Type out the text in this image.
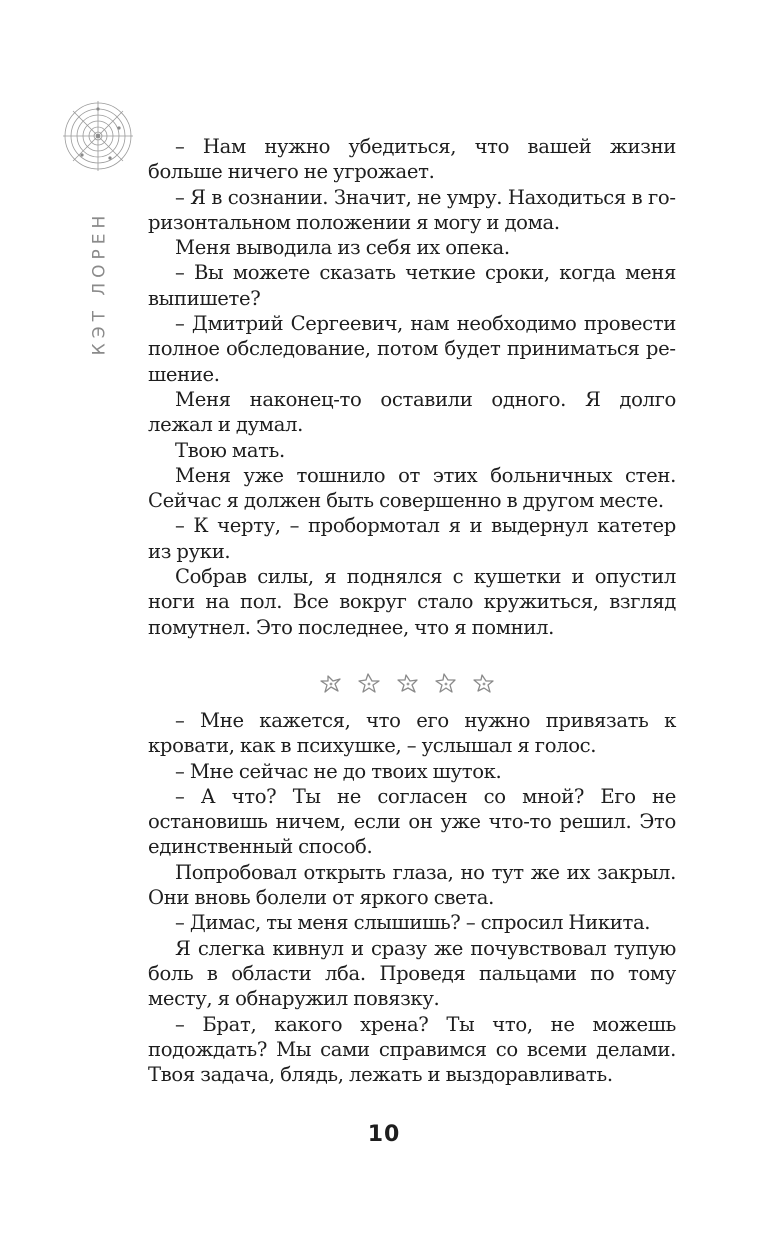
КЭТ ЛОРЕН

– Нам нужно убедиться, что вашей жизни больше ничего не угрожает.

– Я в сознании. Значит, не умру. Находиться в горизонтальном положении я могу и дома.

Меня выводила из себя их опека.

– Вы можете сказать четкие сроки, когда меня выпишете?

– Дмитрий Сергеевич, нам необходимо провести полное обследование, потом будет приниматься решение.

Меня наконец-то оставили одного. Я долго лежал и думал.

Твою мать.

Меня уже тошнило от этих больничных стен. Сейчас я должен быть совершенно в другом месте.

– К черту, – пробормотал я и выдернул катетер из руки.

Собрав силы, я поднялся с кушетки и опустил ноги на пол. Все вокруг стало кружиться, взгляд помутнел. Это последнее, что я помнил.

– Мне кажется, что его нужно привязать к кровати, как в психушке, – услышал я голос.

– Мне сейчас не до твоих шуток.

– А что? Ты не согласен со мной? Его не остановишь ничем, если он уже что-то решил. Это единственный способ.

Попробовал открыть глаза, но тут же их закрыл. Они вновь болели от яркого света.

– Димас, ты меня слышишь? – спросил Никита.

Я слегка кивнул и сразу же почувствовал тупую боль в области лба. Проведя пальцами по тому месту, я обнаружил повязку.

– Брат, какого хрена? Ты что, не можешь подождать? Мы сами справимся со всеми делами. Твоя задача, блядь, лежать и выздоравливать.

10
